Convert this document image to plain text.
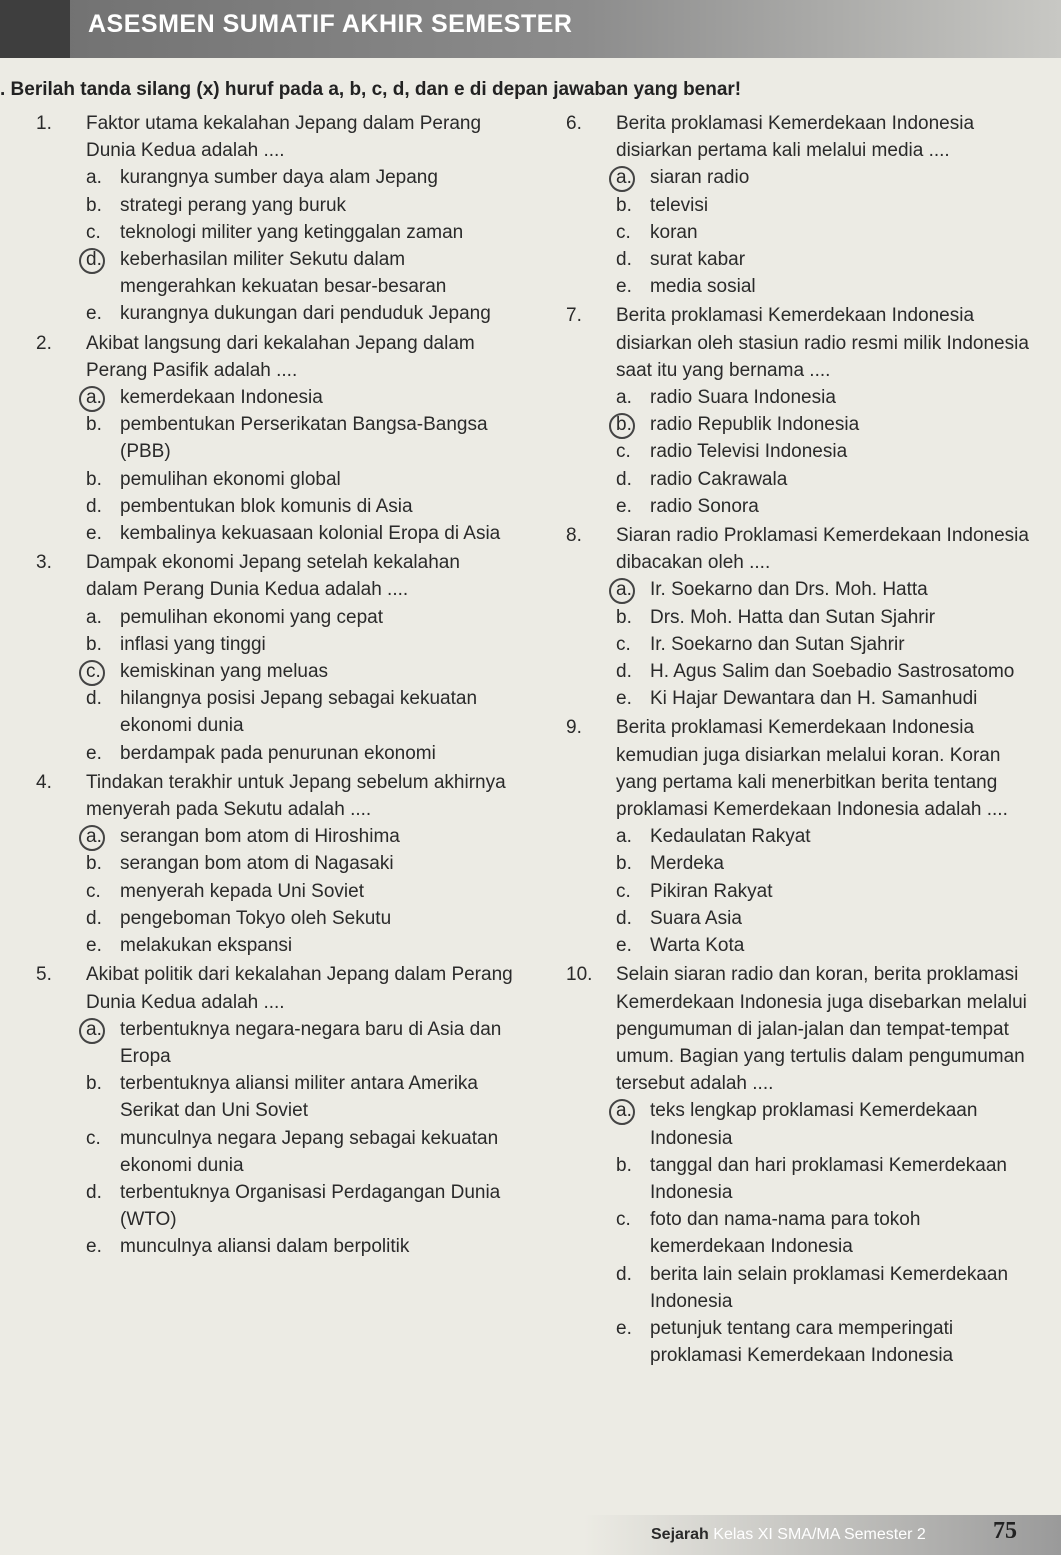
ASESMEN SUMATIF AKHIR SEMESTER
. Berilah tanda silang (x) huruf pada a, b, c, d, dan e di depan jawaban yang benar!
1.	Faktor utama kekalahan Jepang dalam Perang Dunia Kedua adalah ....
a. kurangnya sumber daya alam Jepang
b. strategi perang yang buruk
c.	teknologi militer yang ketinggalan zaman
d. keberhasilan militer Sekutu dalam mengerahkan kekuatan besar-besaran
e. kurangnya dukungan dari penduduk Jepang
2.	Akibat langsung dari kekalahan Jepang dalam Perang Pasifik adalah ....
a. kemerdekaan Indonesia
b. pembentukan Perserikatan Bangsa-Bangsa (PBB)
b. pemulihan ekonomi global
d. pembentukan blok komunis di Asia
e. kembalinya kekuasaan kolonial Eropa di Asia
3.	Dampak ekonomi Jepang setelah kekalahan dalam Perang Dunia Kedua adalah ....
a. pemulihan ekonomi yang cepat
b. inflasi yang tinggi
c.	kemiskinan yang meluas
d. hilangnya posisi Jepang sebagai kekuatan ekonomi dunia
e. berdampak pada penurunan ekonomi
4.	Tindakan terakhir untuk Jepang sebelum akhirnya menyerah pada Sekutu adalah ....
a. serangan bom atom di Hiroshima
b. serangan bom atom di Nagasaki
c.	menyerah kepada Uni Soviet
d. pengeboman Tokyo oleh Sekutu
e. melakukan ekspansi
5.	Akibat politik dari kekalahan Jepang dalam Perang Dunia Kedua adalah ....
a. terbentuknya negara-negara baru di Asia dan Eropa
b. terbentuknya aliansi militer antara Amerika Serikat dan Uni Soviet
c.	munculnya negara Jepang sebagai kekuatan ekonomi dunia
d. terbentuknya Organisasi Perdagangan Dunia (WTO)
e. munculnya aliansi dalam berpolitik
6.	Berita proklamasi Kemerdekaan Indonesia disiarkan pertama kali melalui media ....
a. siaran radio
b. televisi
c.	koran
d. surat kabar
e. media sosial
7.	Berita proklamasi Kemerdekaan Indonesia disiarkan oleh stasiun radio resmi milik Indonesia saat itu yang bernama ....
a. radio Suara Indonesia
b. radio Republik Indonesia
c.	radio Televisi Indonesia
d. radio Cakrawala
e. radio Sonora
8.	Siaran radio Proklamasi Kemerdekaan Indonesia dibacakan oleh ....
a. Ir. Soekarno dan Drs. Moh. Hatta
b. Drs. Moh. Hatta dan Sutan Sjahrir
c.	Ir. Soekarno dan Sutan Sjahrir
d. H. Agus Salim dan Soebadio Sastrosatomo
e. Ki Hajar Dewantara dan H. Samanhudi
9.	Berita proklamasi Kemerdekaan Indonesia kemudian juga disiarkan melalui koran. Koran yang pertama kali menerbitkan berita tentang proklamasi Kemerdekaan Indonesia adalah ....
a. Kedaulatan Rakyat
b. Merdeka
c.	Pikiran Rakyat
d. Suara Asia
e. Warta Kota
10.	Selain siaran radio dan koran, berita proklamasi Kemerdekaan Indonesia juga disebarkan melalui pengumuman di jalan-jalan dan tempat-tempat umum. Bagian yang tertulis dalam pengumuman tersebut adalah ....
a. teks lengkap proklamasi Kemerdekaan Indonesia
b. tanggal dan hari proklamasi Kemerdekaan Indonesia
c.	foto dan nama-nama para tokoh kemerdekaan Indonesia
d. berita lain selain proklamasi Kemerdekaan Indonesia
e. petunjuk tentang cara memperingati proklamasi Kemerdekaan Indonesia
Sejarah Kelas XI SMA/MA Semester 2	75
